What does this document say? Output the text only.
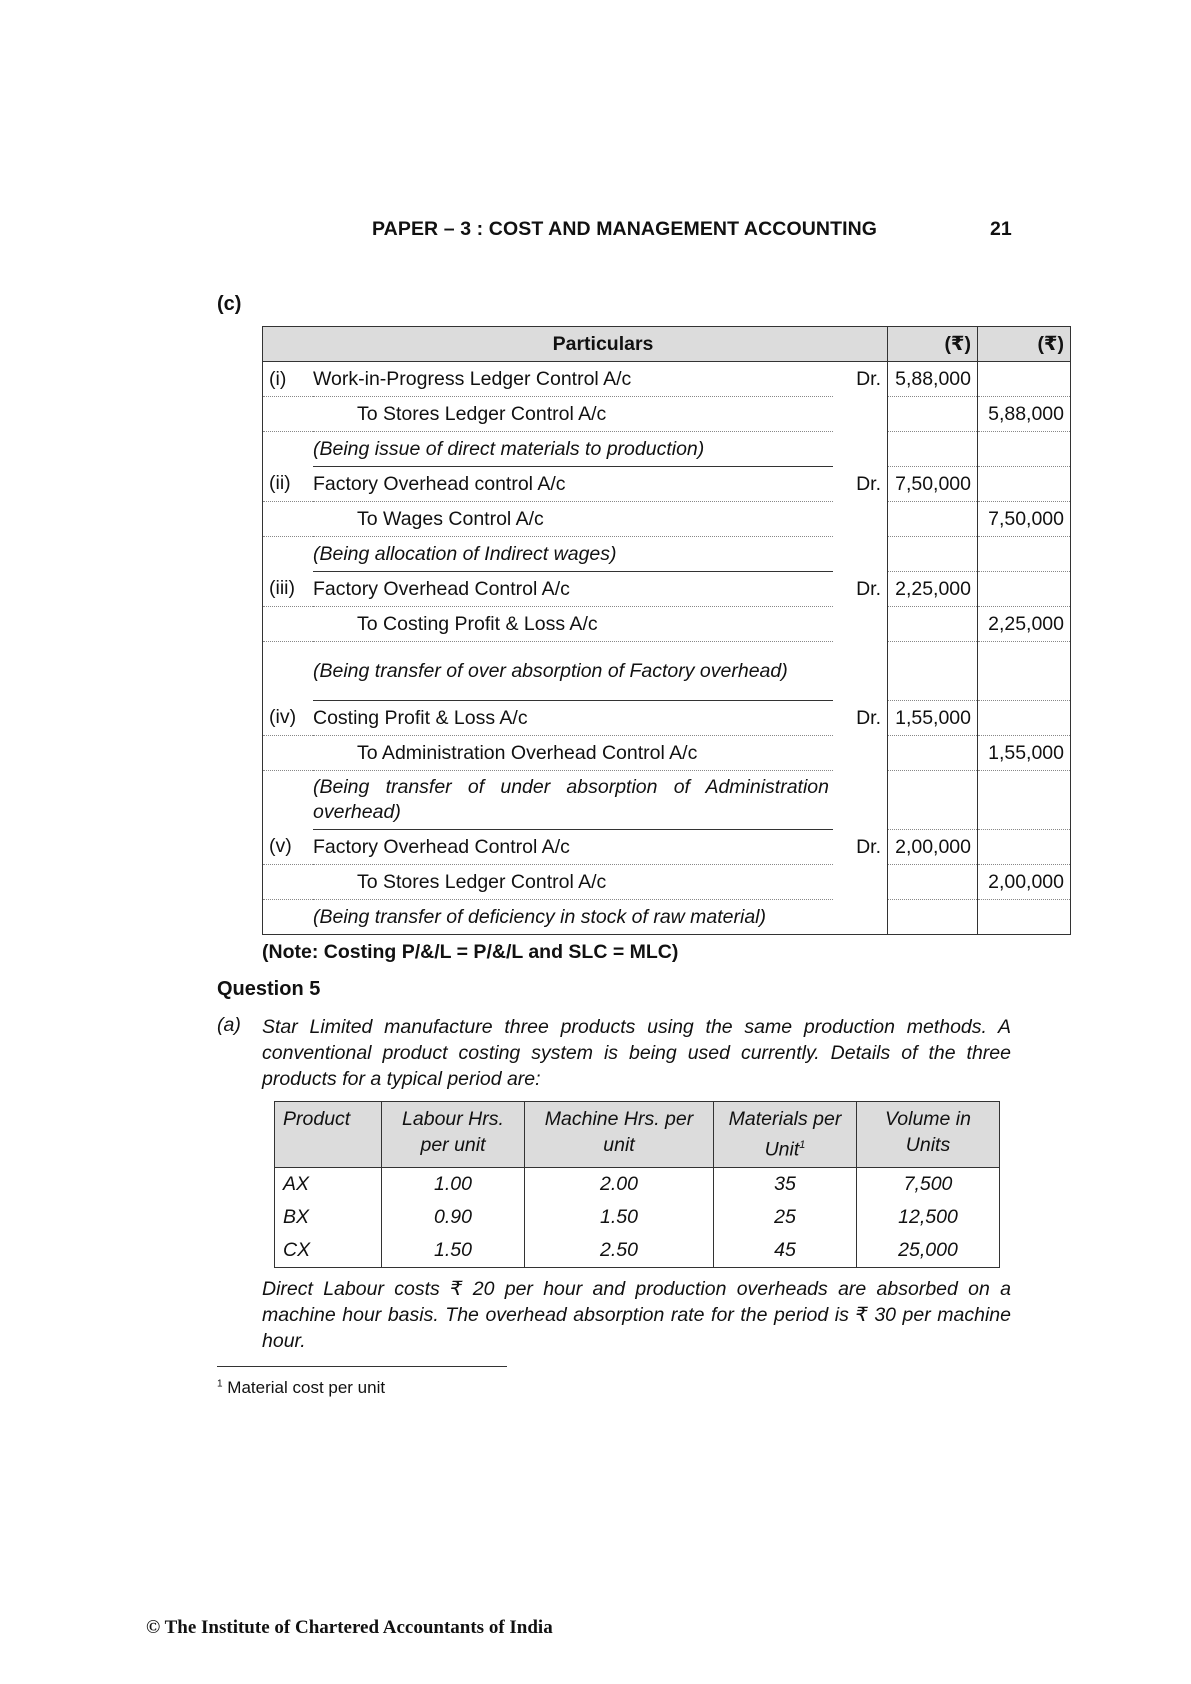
PAPER – 3 : COST AND MANAGEMENT ACCOUNTING	21
(c)
	Particulars		(₹)	(₹)
(i)	Work-in-Progress Ledger Control A/c	Dr.	5,88,000	
	To Stores Ledger Control A/c			5,88,000
	(Being issue of direct materials to production)			
(ii)	Factory Overhead control A/c	Dr.	7,50,000	
	To Wages Control A/c			7,50,000
	(Being allocation of Indirect wages)			
(iii)	Factory Overhead Control A/c	Dr.	2,25,000	
	To Costing Profit & Loss A/c			2,25,000

	(Being transfer of over absorption of Factory overhead)			

(iv)	Costing Profit & Loss A/c	Dr.	1,55,000	
	To Administration Overhead Control A/c			1,55,000

	(Being transfer of under absorption of Administration overhead)			

(v)	Factory Overhead Control A/c	Dr.	2,00,000	
	To Stores Ledger Control A/c			2,00,000
	(Being transfer of deficiency in stock of raw material)			
(Note: Costing P/&/L = P/&/L and SLC = MLC)
Question 5
(a) Star Limited manufacture three products using the same production methods. A conventional product costing system is being used currently. Details of the three products for a typical period are:
Product	Labour Hrs. per unit	Machine Hrs. per unit	Materials per Unit$^1$	Volume in Units
AX	1.00	2.00	35	7,500
BX	0.90	1.50	25	12,500
CX	1.50	2.50	45	25,000
Direct Labour costs ₹ 20 per hour and production overheads are absorbed on a machine hour basis. The overhead absorption rate for the period is ₹ 30 per machine hour.
$^1$ Material cost per unit
© The Institute of Chartered Accountants of India
